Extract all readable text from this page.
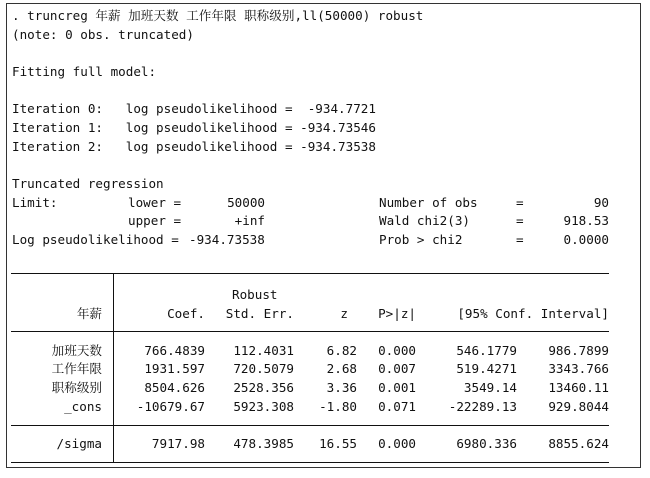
. truncreg 年薪 加班天数 工作年限 职称级别,ll(50000) robust
(note: 0 obs. truncated)
Fitting full model:
Iteration 0:   log pseudolikelihood =  -934.7721
Iteration 1:   log pseudolikelihood = -934.73546
Iteration 2:   log pseudolikelihood = -934.73538
Truncated regression
Limit:	lower =	50000
upper =	+inf
Log pseudolikelihood = -934.73538
Number of obs	=	90
Wald chi2(3)	=	918.53
Prob > chi2	=	0.0000
Robust
年薪	Coef.	Std. Err.	z	P>|z|	[95% Conf. Interval]
加班天数	766.4839	112.4031	6.82	0.000	546.1779	986.7899
工作年限	1931.597	720.5079	2.68	0.007	519.4271	3343.766
职称级别	8504.626	2528.356	3.36	0.001	3549.14	13460.11
_cons	-10679.67	5923.308	-1.80	0.071	-22289.13	929.8044
/sigma	7917.98	478.3985	16.55	0.000	6980.336	8855.624
